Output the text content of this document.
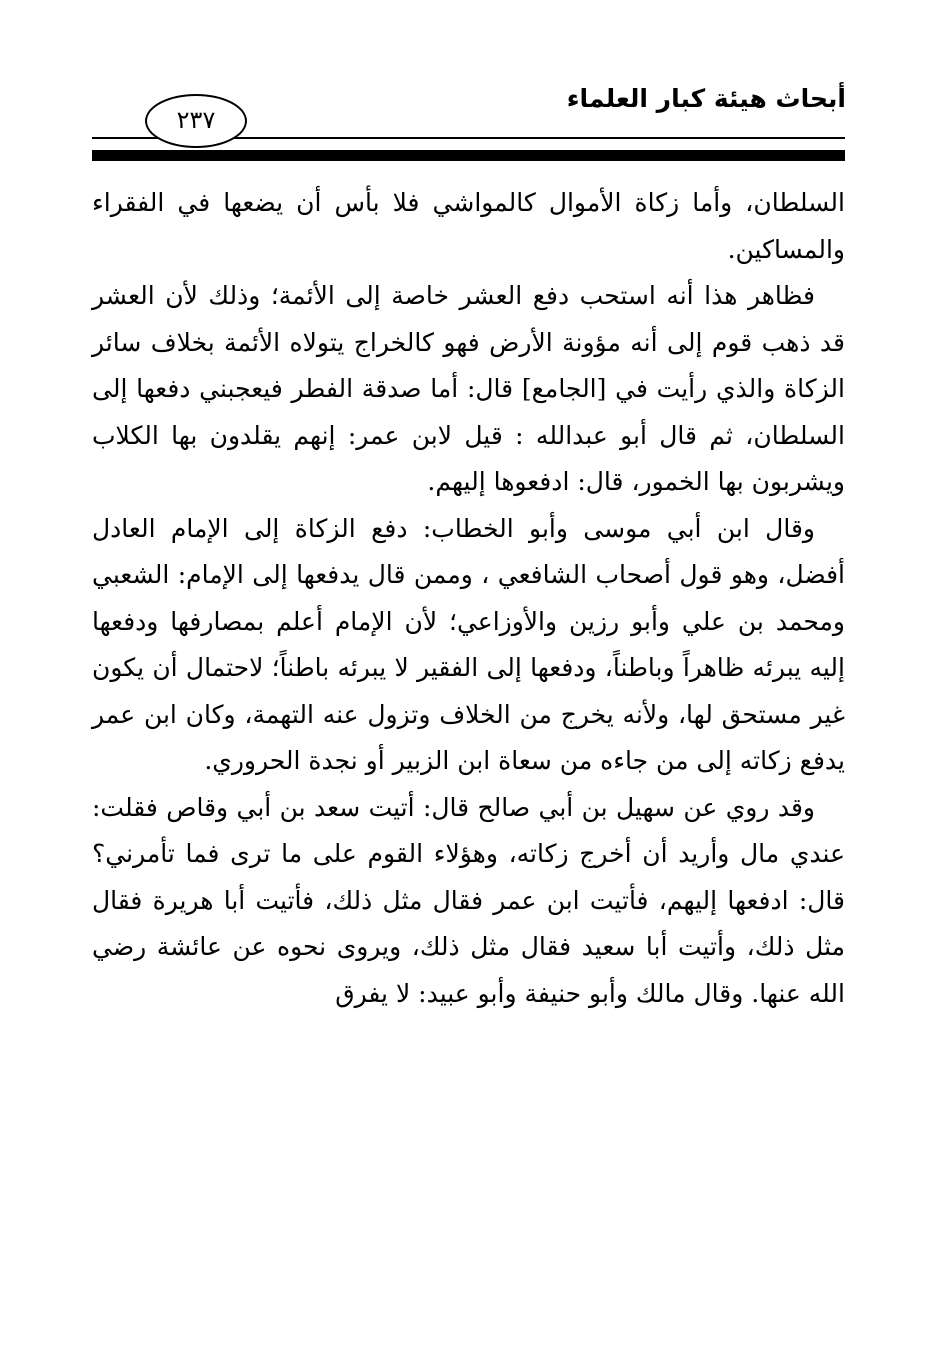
أبحاث هيئة كبار العلماء
٢٣٧

السلطان، وأما زكاة الأموال كالمواشي فلا بأس أن يضعها في الفقراء والمساكين.

فظاهر هذا أنه استحب دفع العشر خاصة إلى الأئمة؛ وذلك لأن العشر قد ذهب قوم إلى أنه مؤونة الأرض فهو كالخراج يتولاه الأئمة بخلاف سائر الزكاة والذي رأيت في [الجامع] قال: أما صدقة الفطر فيعجبني دفعها إلى السلطان، ثم قال أبو عبدالله : قيل لابن عمر: إنهم يقلدون بها الكلاب ويشربون بها الخمور، قال: ادفعوها إليهم.

وقال ابن أبي موسى وأبو الخطاب: دفع الزكاة إلى الإمام العادل أفضل، وهو قول أصحاب الشافعي ، وممن قال يدفعها إلى الإمام: الشعبي ومحمد بن علي وأبو رزين والأوزاعي؛ لأن الإمام أعلم بمصارفها ودفعها إليه يبرئه ظاهراً وباطناً، ودفعها إلى الفقير لا يبرئه باطناً؛ لاحتمال أن يكون غير مستحق لها، ولأنه يخرج من الخلاف وتزول عنه التهمة، وكان ابن عمر يدفع زكاته إلى من جاءه من سعاة ابن الزبير أو نجدة الحروري.

وقد روي عن سهيل بن أبي صالح قال: أتيت سعد بن أبي وقاص فقلت: عندي مال وأريد أن أخرج زكاته، وهؤلاء القوم على ما ترى فما تأمرني؟ قال: ادفعها إليهم، فأتيت ابن عمر فقال مثل ذلك، فأتيت أبا هريرة فقال مثل ذلك، وأتيت أبا سعيد فقال مثل ذلك، ويروى نحوه عن عائشة رضي الله عنها. وقال مالك وأبو حنيفة وأبو عبيد: لا يفرق
